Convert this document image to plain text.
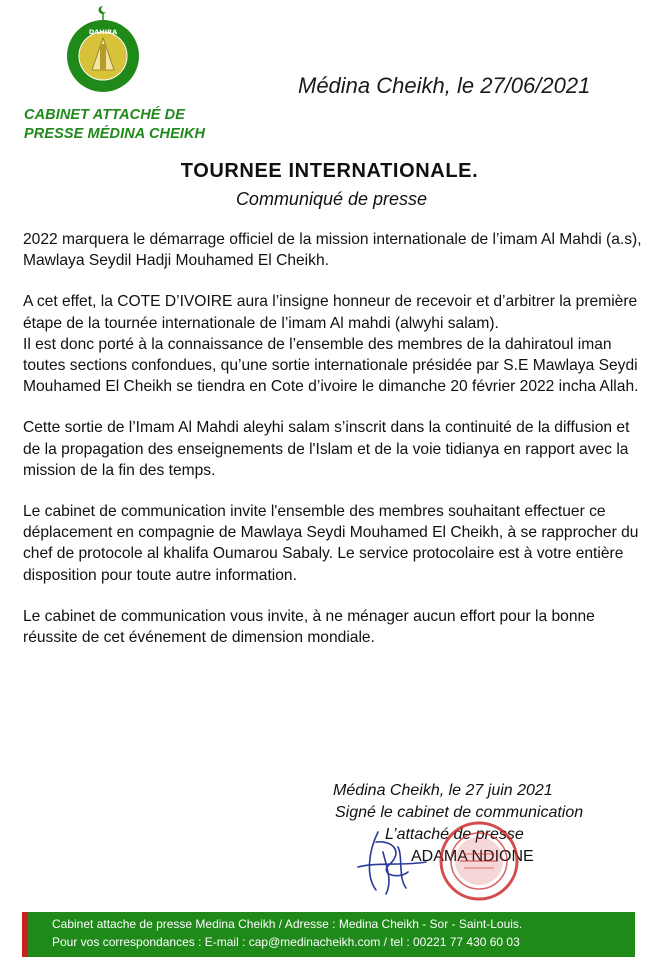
DAHIRA
CABINET ATTACHÉ DE
PRESSE MÉDINA CHEIKH
Médina Cheikh, le 27/06/2021
TOURNEE INTERNATIONALE.
Communiqué de presse

2022 marquera le démarrage officiel de la mission internationale de l’imam Al Mahdi (a.s), Mawlaya Seydil Hadji Mouhamed El Cheikh.

A cet effet, la COTE D’IVOIRE aura l’insigne honneur de recevoir et d’arbitrer la première étape de la tournée internationale de l’imam Al mahdi (alwyhi salam).

Il est donc porté à la connaissance de l’ensemble des membres de la dahiratoul iman toutes sections confondues, qu’une sortie internationale présidée par S.E Mawlaya Seydi Mouhamed El Cheikh se tiendra en Cote d’ivoire le dimanche 20 février 2022 incha Allah.

Cette sortie de l’Imam Al Mahdi aleyhi salam s’inscrit dans la continuité de la diffusion et de la propagation des enseignements de l'Islam et de la voie tidianya en rapport avec la mission de la fin des temps.

Le cabinet de communication invite l'ensemble des membres souhaitant effectuer ce déplacement en compagnie de Mawlaya Seydi Mouhamed El Cheikh, à se rapprocher du chef de protocole al khalifa Oumarou Sabaly. Le service protocolaire est à votre entière disposition pour toute autre information.

Le cabinet de communication vous invite, à ne ménager aucun effort pour la bonne réussite de cet événement de dimension mondiale.

Médina Cheikh, le 27 juin 2021
Signé le cabinet de communication
L’attaché de presse
ADAMA NDIONE
Cabinet attache de presse Medina Cheikh / Adresse : Medina Cheikh - Sor - Saint-Louis.
Pour vos correspondances : E-mail : cap@medinacheikh.com / tel : 00221 77 430 60 03
